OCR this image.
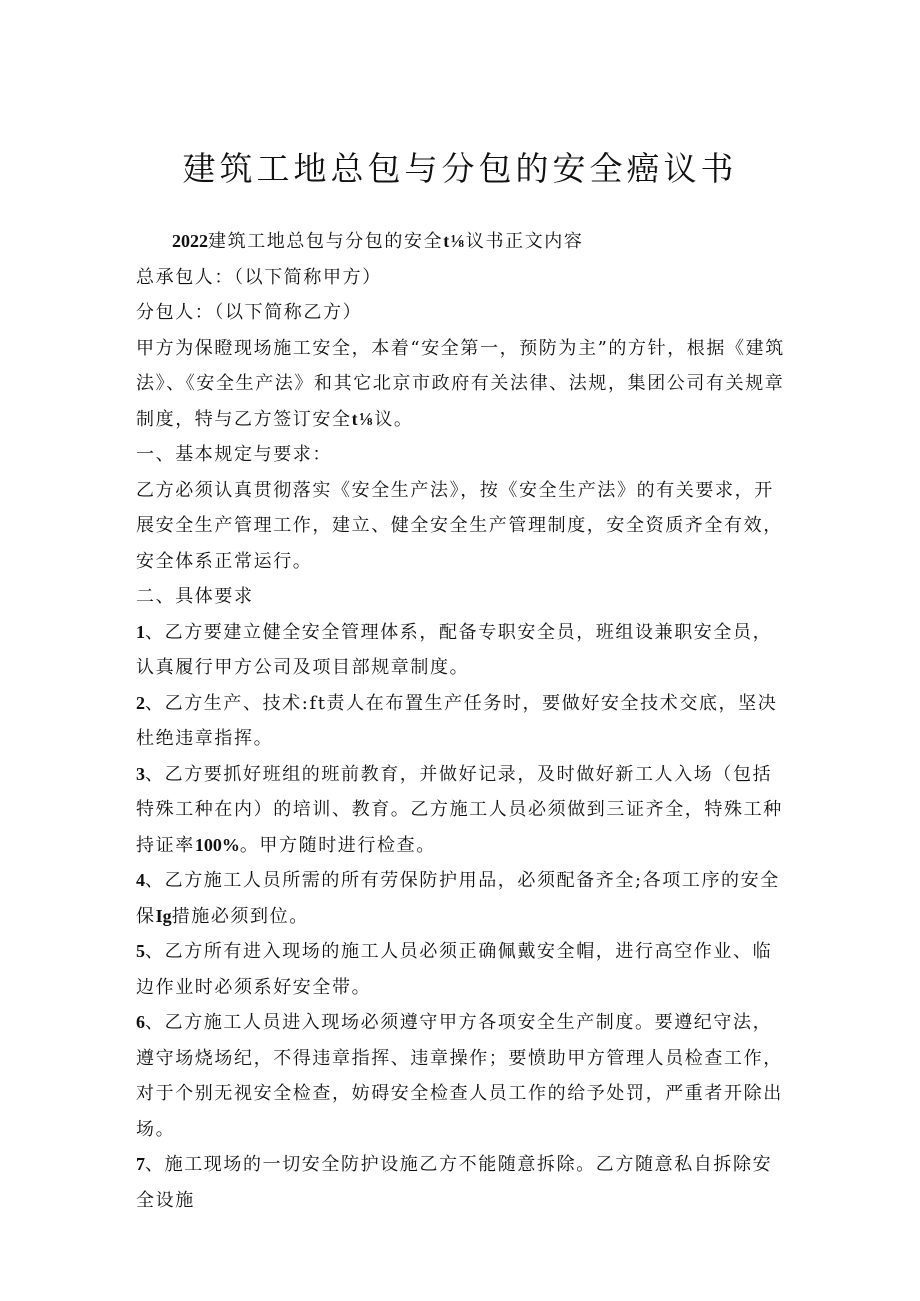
建筑工地总包与分包的安全癌议书

2022建筑工地总包与分包的安全t⅛议书正文内容

总承包人：（以下简称甲方）

分包人：（以下简称乙方）

甲方为保瞪现场施工安全，本着“安全第一，预防为主”的方针，根据《建筑法》、《安全生产法》和其它北京市政府有关法律、法规，集团公司有关规章制度，特与乙方签订安全t⅛议。

一、基本规定与要求：

乙方必须认真贯彻落实《安全生产法》，按《安全生产法》的有关要求，开展安全生产管理工作，建立、健全安全生产管理制度，安全资质齐全有效，安全体系正常运行。

二、具体要求

1、乙方要建立健全安全管理体系，配备专职安全员，班组设兼职安全员，认真履行甲方公司及项目部规章制度。

2、乙方生产、技术:ft责人在布置生产任务时，要做好安全技术交底，坚决杜绝违章指挥。

3、乙方要抓好班组的班前教育，并做好记录，及时做好新工人入场（包括特殊工种在内）的培训、教育。乙方施工人员必须做到三证齐全，特殊工种持证率100%。甲方随时进行检查。

4、乙方施工人员所需的所有劳保防护用品，必须配备齐全;各项工序的安全保Ig措施必须到位。

5、乙方所有进入现场的施工人员必须正确佩戴安全帽，进行高空作业、临边作业时必须系好安全带。

6、乙方施工人员进入现场必须遵守甲方各项安全生产制度。要遵纪守法，遵守场烧场纪，不得违章指挥、违章操作；要愤助甲方管理人员检查工作，对于个别无视安全检查，妨碍安全检查人员工作的给予处罚，严重者开除出场。

7、施工现场的一切安全防护设施乙方不能随意拆除。乙方随意私自拆除安全设施
